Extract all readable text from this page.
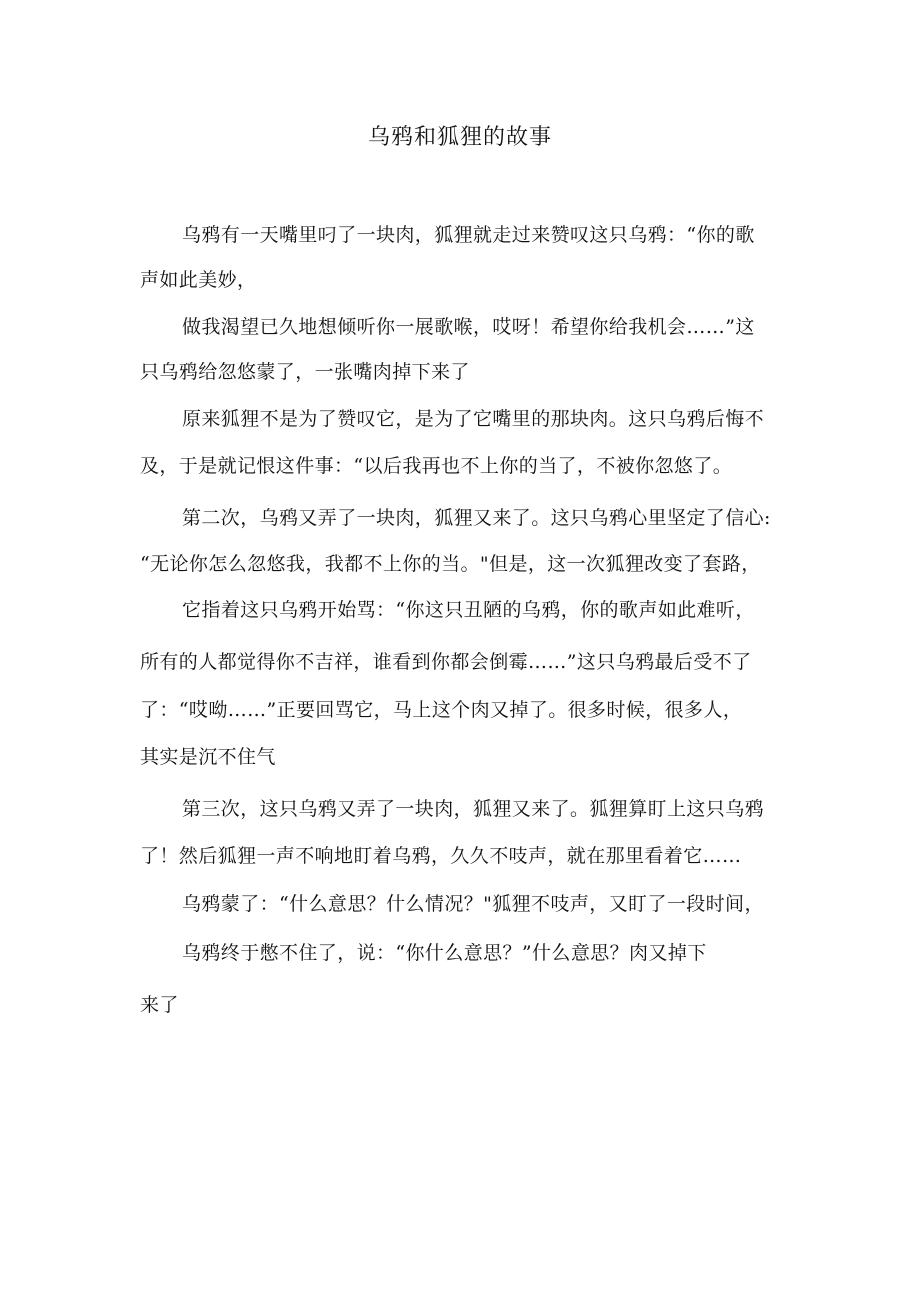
乌鸦和狐狸的故事
乌鸦有一天嘴里叼了一块肉，狐狸就走过来赞叹这只乌鸦：“你的歌
声如此美妙，
做我渴望已久地想倾听你一展歌喉，哎呀！希望你给我机会……”这
只乌鸦给忽悠蒙了，一张嘴肉掉下来了
原来狐狸不是为了赞叹它，是为了它嘴里的那块肉。这只乌鸦后悔不
及，于是就记恨这件事：“以后我再也不上你的当了，不被你忽悠了。
第二次，乌鸦又弄了一块肉，狐狸又来了。这只乌鸦心里坚定了信心:
“无论你怎么忽悠我，我都不上你的当。"但是，这一次狐狸改变了套路，
它指着这只乌鸦开始骂：“你这只丑陋的乌鸦，你的歌声如此难听，
所有的人都觉得你不吉祥，谁看到你都会倒霉……”这只乌鸦最后受不了
了：“哎呦……”正要回骂它，马上这个肉又掉了。很多时候，很多人，
其实是沉不住气
第三次，这只乌鸦又弄了一块肉，狐狸又来了。狐狸算盯上这只乌鸦
了！然后狐狸一声不响地盯着乌鸦，久久不吱声，就在那里看着它……
乌鸦蒙了：“什么意思？什么情况？"狐狸不吱声，又盯了一段时间，
乌鸦终于憋不住了，说：“你什么意思？”什么意思？肉又掉下
来了
